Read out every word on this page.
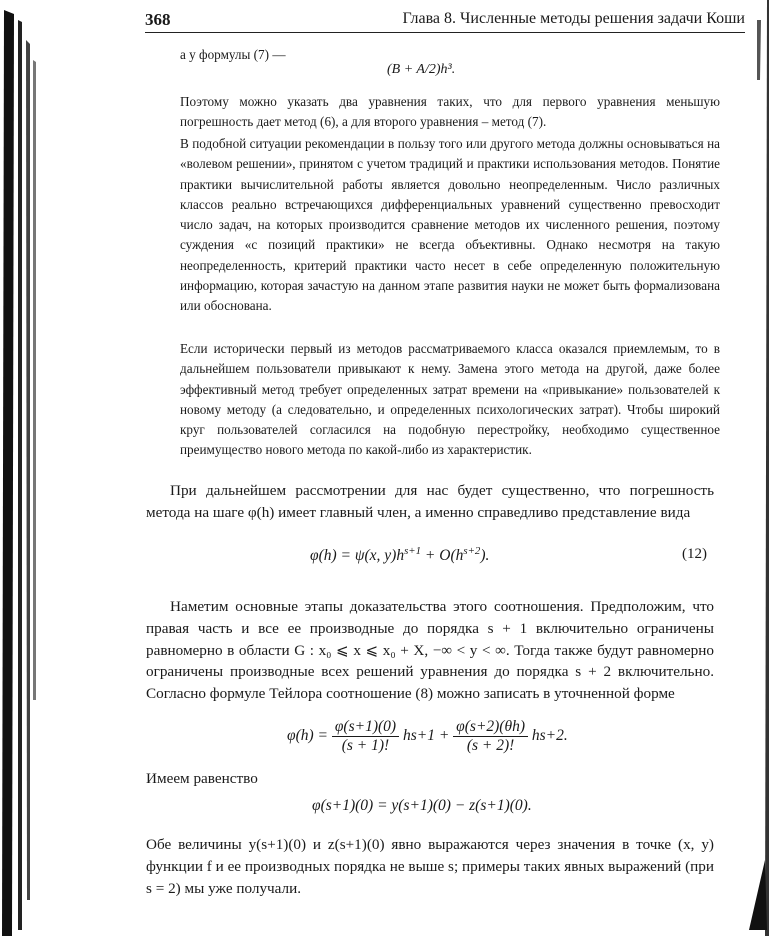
368	Глава 8. Численные методы решения задачи Коши
а у формулы (7) —
(B + A/2)h³.
Поэтому можно указать два уравнения таких, что для первого уравнения меньшую погрешность дает метод (6), а для второго уравнения – метод (7).
В подобной ситуации рекомендации в пользу того или другого метода должны основываться на «волевом решении», принятом с учетом традиций и практики использования методов. Понятие практики вычислительной работы является довольно неопределенным. Число различных классов реально встречающихся дифференциальных уравнений существенно превосходит число задач, на которых производится сравнение методов их численного решения, поэтому суждения «с позиций практики» не всегда объективны. Однако несмотря на такую неопределенность, критерий практики часто несет в себе определенную положительную информацию, которая зачастую на данном этапе развития науки не может быть формализована или обоснована.
Если исторически первый из методов рассматриваемого класса оказался приемлемым, то в дальнейшем пользователи привыкают к нему. Замена этого метода на другой, даже более эффективный метод требует определенных затрат времени на «привыкание» пользователей к новому методу (а следовательно, и определенных психологических затрат). Чтобы широкий круг пользователей согласился на подобную перестройку, необходимо существенное преимущество нового метода по какой-либо из характеристик.
При дальнейшем рассмотрении для нас будет существенно, что погрешность метода на шаге φ(h) имеет главный член, а именно справедливо представление вида
φ(h) = ψ(x, $y)h^{s+1} + O(h^{s+2})$.	(12)
Наметим основные этапы доказательства этого соотношения. Предположим, что правая часть и все ее производные до порядка s + 1 включительно ограничены равномерно в области G : x₀ ⩽ x ⩽ x₀ + X, −∞ < y < ∞. Тогда также будут равномерно ограничены производные всех решений уравнения до порядка s + 2 включительно. Согласно формуле Тейлора соотношение (8) можно записать в уточненной форме
$\varphi(h) = \frac{\varphi(s+1)(0)}{(s + 1)!} hs+1 + \frac{\varphi(s+2)(\theta h)}{(s + 2)!} hs+2$.
Имеем равенство
φ(s+1)(0) = y(s+1)(0) − z(s+1)(0).
Обе величины y(s+1)(0) и z(s+1)(0) явно выражаются через значения в точке (x, y) функции f и ее производных порядка не выше s; примеры таких явных выражений (при s = 2) мы уже получали.
